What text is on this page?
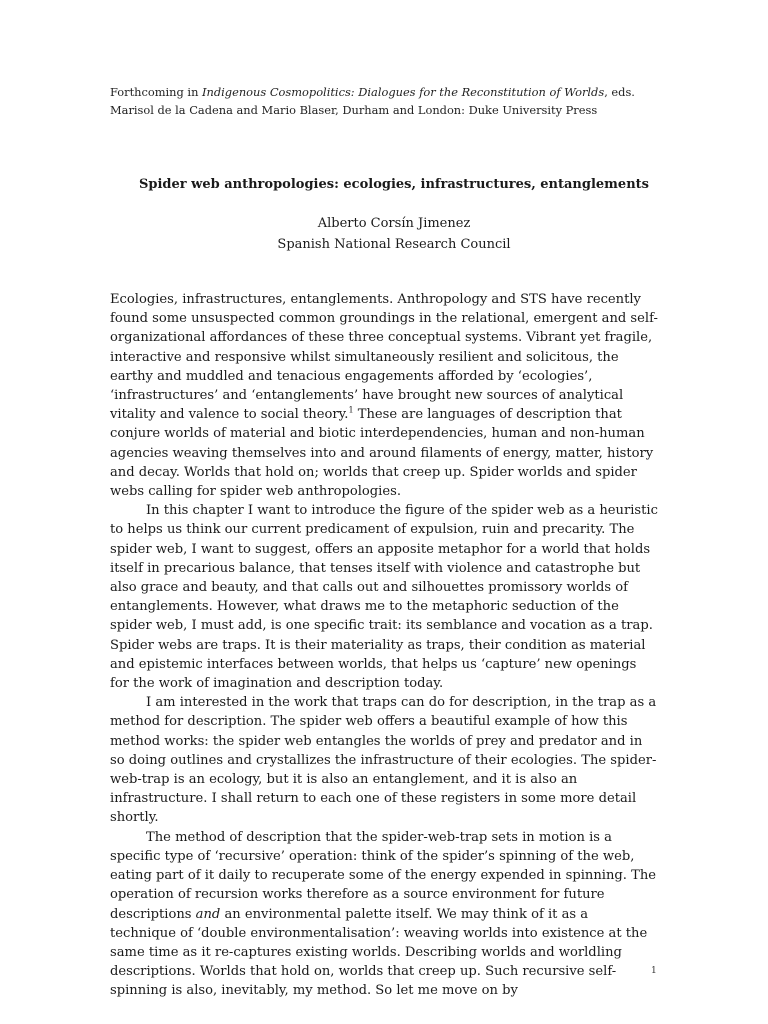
Forthcoming in Indigenous Cosmopolitics: Dialogues for the Reconstitution of Worlds, eds. Marisol de la Cadena and Mario Blaser, Durham and London: Duke University Press
Spider web anthropologies: ecologies, infrastructures, entanglements
Alberto Corsín Jimenez
Spanish National Research Council

Ecologies, infrastructures, entanglements. Anthropology and STS have recently found some unsuspected common groundings in the relational, emergent and self-organizational affordances of these three conceptual systems. Vibrant yet fragile, interactive and responsive whilst simultaneously resilient and solicitous, the earthy and muddled and tenacious engagements afforded by ‘ecologies’, ‘infrastructures’ and ‘entanglements’ have brought new sources of analytical vitality and valence to social theory.$^1$ These are languages of description that conjure worlds of material and biotic interdependencies, human and non-human agencies weaving themselves into and around filaments of energy, matter, history and decay. Worlds that hold on; worlds that creep up. Spider worlds and spider webs calling for spider web anthropologies.

In this chapter I want to introduce the figure of the spider web as a heuristic to helps us think our current predicament of expulsion, ruin and precarity. The spider web, I want to suggest, offers an apposite metaphor for a world that holds itself in precarious balance, that tenses itself with violence and catastrophe but also grace and beauty, and that calls out and silhouettes promissory worlds of entanglements. However, what draws me to the metaphoric seduction of the spider web, I must add, is one specific trait: its semblance and vocation as a trap. Spider webs are traps. It is their materiality as traps, their condition as material and epistemic interfaces between worlds, that helps us ‘capture’ new openings for the work of imagination and description today.

I am interested in the work that traps can do for description, in the trap as a method for description. The spider web offers a beautiful example of how this method works: the spider web entangles the worlds of prey and predator and in so doing outlines and crystallizes the infrastructure of their ecologies. The spider-web-trap is an ecology, but it is also an entanglement, and it is also an infrastructure. I shall return to each one of these registers in some more detail shortly.

The method of description that the spider-web-trap sets in motion is a specific type of ‘recursive’ operation: think of the spider’s spinning of the web, eating part of it daily to recuperate some of the energy expended in spinning. The operation of recursion works therefore as a source environment for future descriptions and an environmental palette itself. We may think of it as a technique of ‘double environmentalisation’: weaving worlds into existence at the same time as it re-captures existing worlds. Describing worlds and worldling descriptions. Worlds that hold on, worlds that creep up. Such recursive self-spinning is also, inevitably, my method. So let me move on by

1
